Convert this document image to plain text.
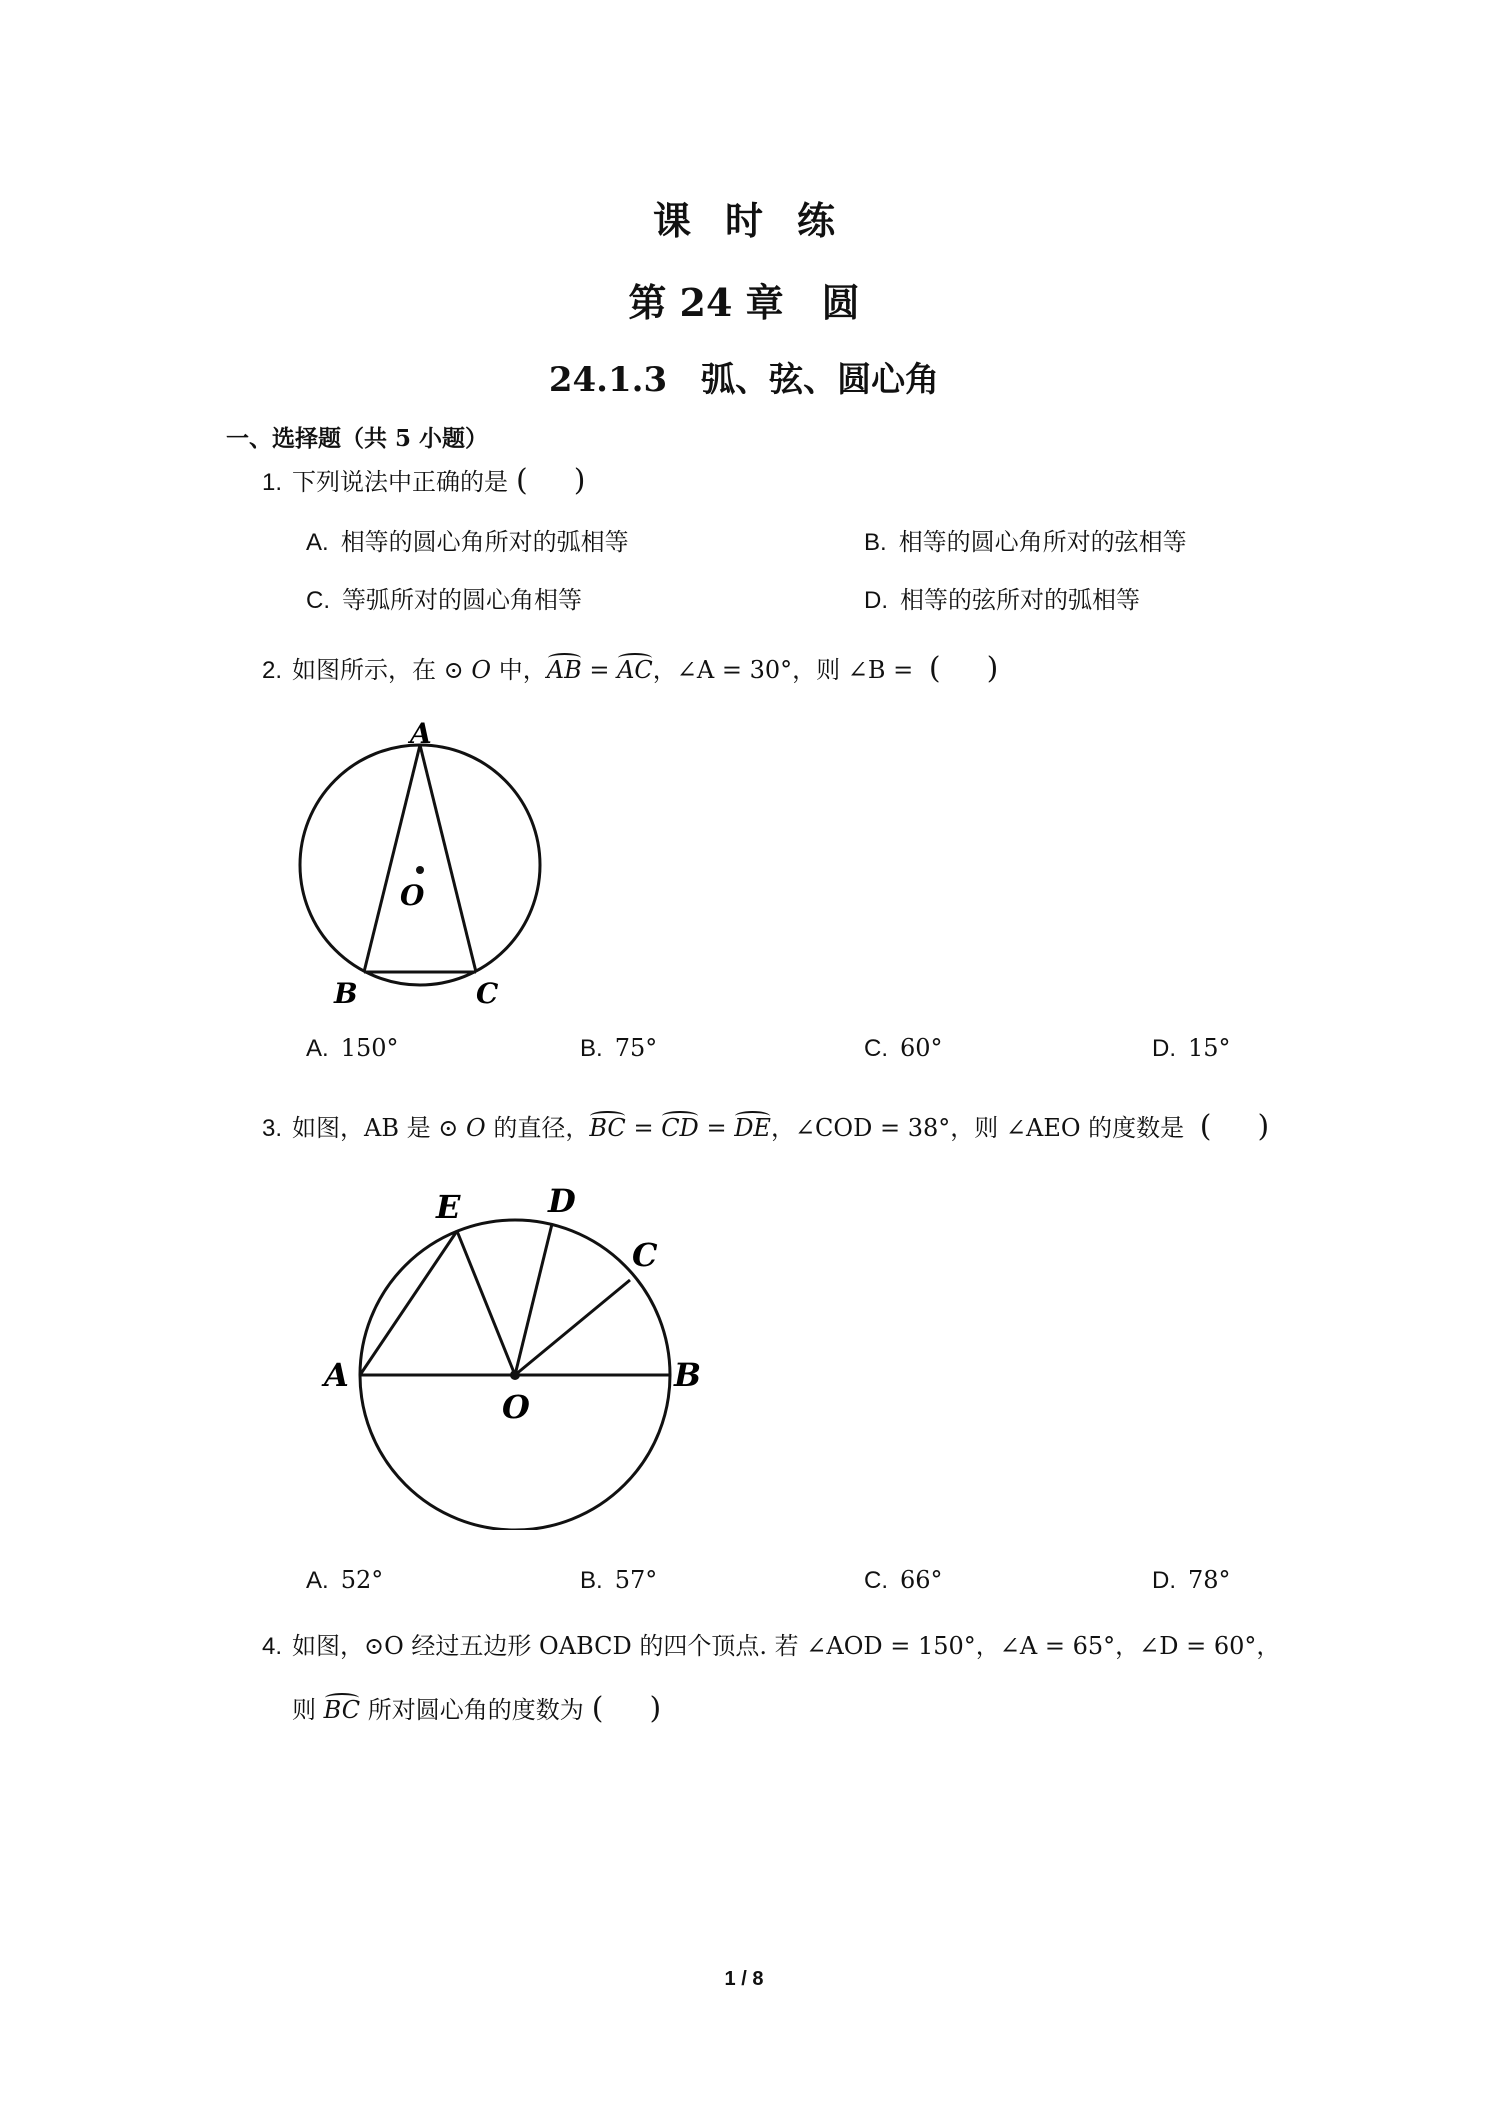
课时练
第 24 章　圆
24.1.3　弧、弦、圆心角
一、选择题（共 5 小题）
1. 下列说法中正确的是 ( )
A. 相等的圆心角所对的弧相等	B. 相等的圆心角所对的弦相等
C. 等弧所对的圆心角相等	D. 相等的弦所对的弧相等
2. 如图所示，在 ⊙ O 中，AB = AC，∠A = 30°，则 ∠B = ( )
A
O
B	C
A. 150°	B. 75°	C. 60°	D. 15°
3. 如图，AB 是 ⊙ O 的直径，BC = CD = DE，∠COD = 38°，则 ∠AEO 的度数是 ( )
E	D
C
A
O
B
A. 52°	B. 57°	C. 66°	D. 78°
4. 如图，⊙O 经过五边形 OABCD 的四个顶点. 若 ∠AOD = 150°，∠A = 65°，∠D = 60°，
则 BC 所对圆心角的度数为 ( )
1 / 8
